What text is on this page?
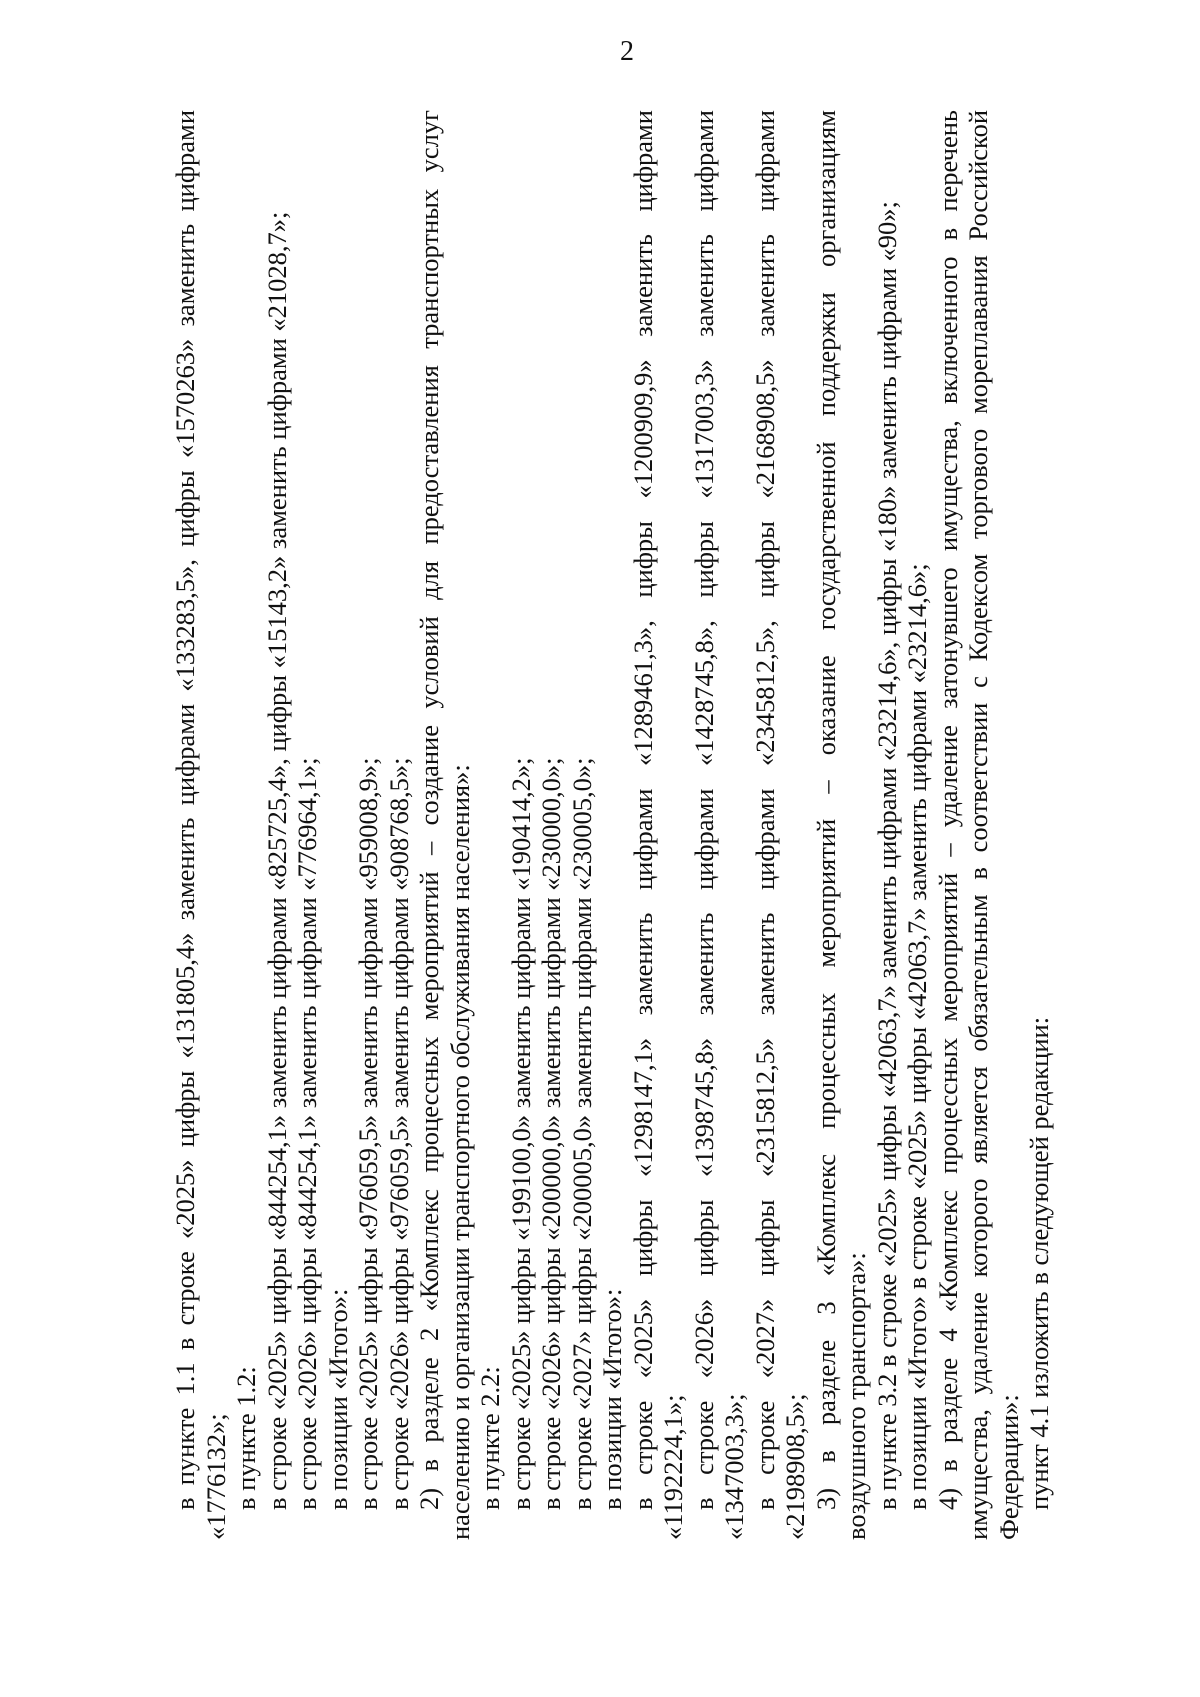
2
в пункте 1.1 в строке «2025» цифры «131805,4» заменить цифрами «133283,5», цифры «1570263» заменить цифрами «1776132»; в пункте 1.2: в строке «2025» цифры «844254,1» заменить цифрами «825725,4», цифры «15143,2» заменить цифрами «21028,7»; в строке «2026» цифры «844254,1» заменить цифрами «776964,1»; в позиции «Итого»: в строке «2025» цифры «976059,5» заменить цифрами «959008,9»; в строке «2026» цифры «976059,5» заменить цифрами «908768,5»; 2) в разделе 2 «Комплекс процессных мероприятий – создание условий для предоставления транспортных услуг населению и организации транспортного обслуживания населения»: в пункте 2.2: в строке «2025» цифры «199100,0» заменить цифрами «190414,2»; в строке «2026» цифры «200000,0» заменить цифрами «230000,0»; в строке «2027» цифры «200005,0» заменить цифрами «230005,0»; в позиции «Итого»: в строке «2025» цифры «1298147,1» заменить цифрами «1289461,3», цифры «1200909,9» заменить цифрами «1192224,1»; в строке «2026» цифры «1398745,8» заменить цифрами «1428745,8», цифры «1317003,3» заменить цифрами «1347003,3»; в строке «2027» цифры «2315812,5» заменить цифрами «2345812,5», цифры «2168908,5» заменить цифрами «2198908,5»; 3) в разделе 3 «Комплекс процессных мероприятий – оказание государственной поддержки организациям воздушного транспорта»: в пункте 3.2 в строке «2025» цифры «42063,7» заменить цифрами «23214,6», цифры «180» заменить цифрами «90»; в позиции «Итого» в строке «2025» цифры «42063,7» заменить цифрами «23214,6»; 4) в разделе 4 «Комплекс процессных мероприятий – удаление затонувшего имущества, включенного в перечень имущества, удаление которого является обязательным в соответствии с Кодексом торгового мореплавания Российской Федерации»: пункт 4.1 изложить в следующей редакции:
